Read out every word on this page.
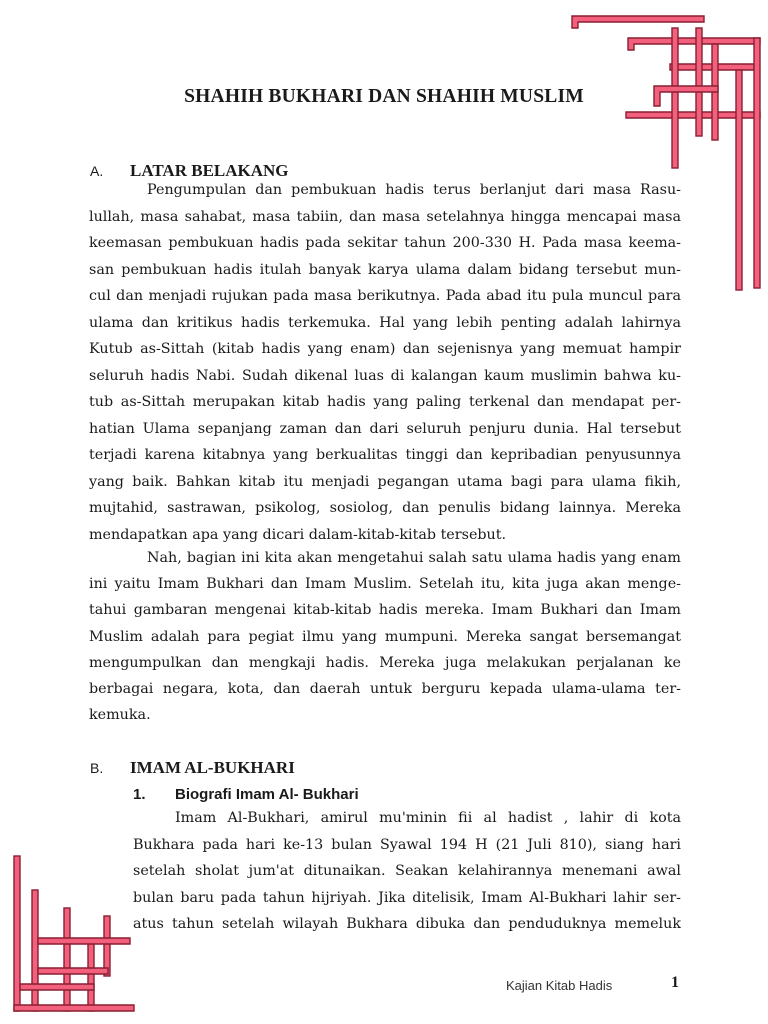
SHAHIH BUKHARI DAN SHAHIH MUSLIM
A. LATAR BELAKANG
Pengumpulan dan pembukuan hadis terus berlanjut dari masa Rasu-
lullah, masa sahabat, masa tabiin, dan masa setelahnya hingga mencapai masa
keemasan pembukuan hadis pada sekitar tahun 200-330 H. Pada masa keema-
san pembukuan hadis itulah banyak karya ulama dalam bidang tersebut mun-
cul dan menjadi rujukan pada masa berikutnya. Pada abad itu pula muncul para
ulama dan kritikus hadis terkemuka. Hal yang lebih penting adalah lahirnya
Kutub as-Sittah (kitab hadis yang enam) dan sejenisnya yang memuat hampir
seluruh hadis Nabi. Sudah dikenal luas di kalangan kaum muslimin bahwa ku-
tub as-Sittah merupakan kitab hadis yang paling terkenal dan mendapat per-
hatian Ulama sepanjang zaman dan dari seluruh penjuru dunia. Hal tersebut
terjadi karena kitabnya yang berkualitas tinggi dan kepribadian penyusunnya
yang baik. Bahkan kitab itu menjadi pegangan utama bagi para ulama fikih,
mujtahid, sastrawan, psikolog, sosiolog, dan penulis bidang lainnya. Mereka
mendapatkan apa yang dicari dalam-kitab-kitab tersebut.
Nah, bagian ini kita akan mengetahui salah satu ulama hadis yang enam
ini yaitu Imam Bukhari dan Imam Muslim. Setelah itu, kita juga akan menge-
tahui gambaran mengenai kitab-kitab hadis mereka. Imam Bukhari dan Imam
Muslim adalah para pegiat ilmu yang mumpuni. Mereka sangat bersemangat
mengumpulkan dan mengkaji hadis. Mereka juga melakukan perjalanan ke
berbagai negara, kota, dan daerah untuk berguru kepada ulama-ulama ter-
kemuka.
B. IMAM AL-BUKHARI
1. Biografi Imam Al- Bukhari
Imam Al-Bukhari, amirul mu'minin fii al hadist , lahir di kota
Bukhara pada hari ke-13 bulan Syawal 194 H (21 Juli 810), siang hari
setelah sholat jum'at ditunaikan. Seakan kelahirannya menemani awal
bulan baru pada tahun hijriyah. Jika ditelisik, Imam Al-Bukhari lahir ser-
atus tahun setelah wilayah Bukhara dibuka dan penduduknya memeluk
Kajian Kitab Hadis	1
